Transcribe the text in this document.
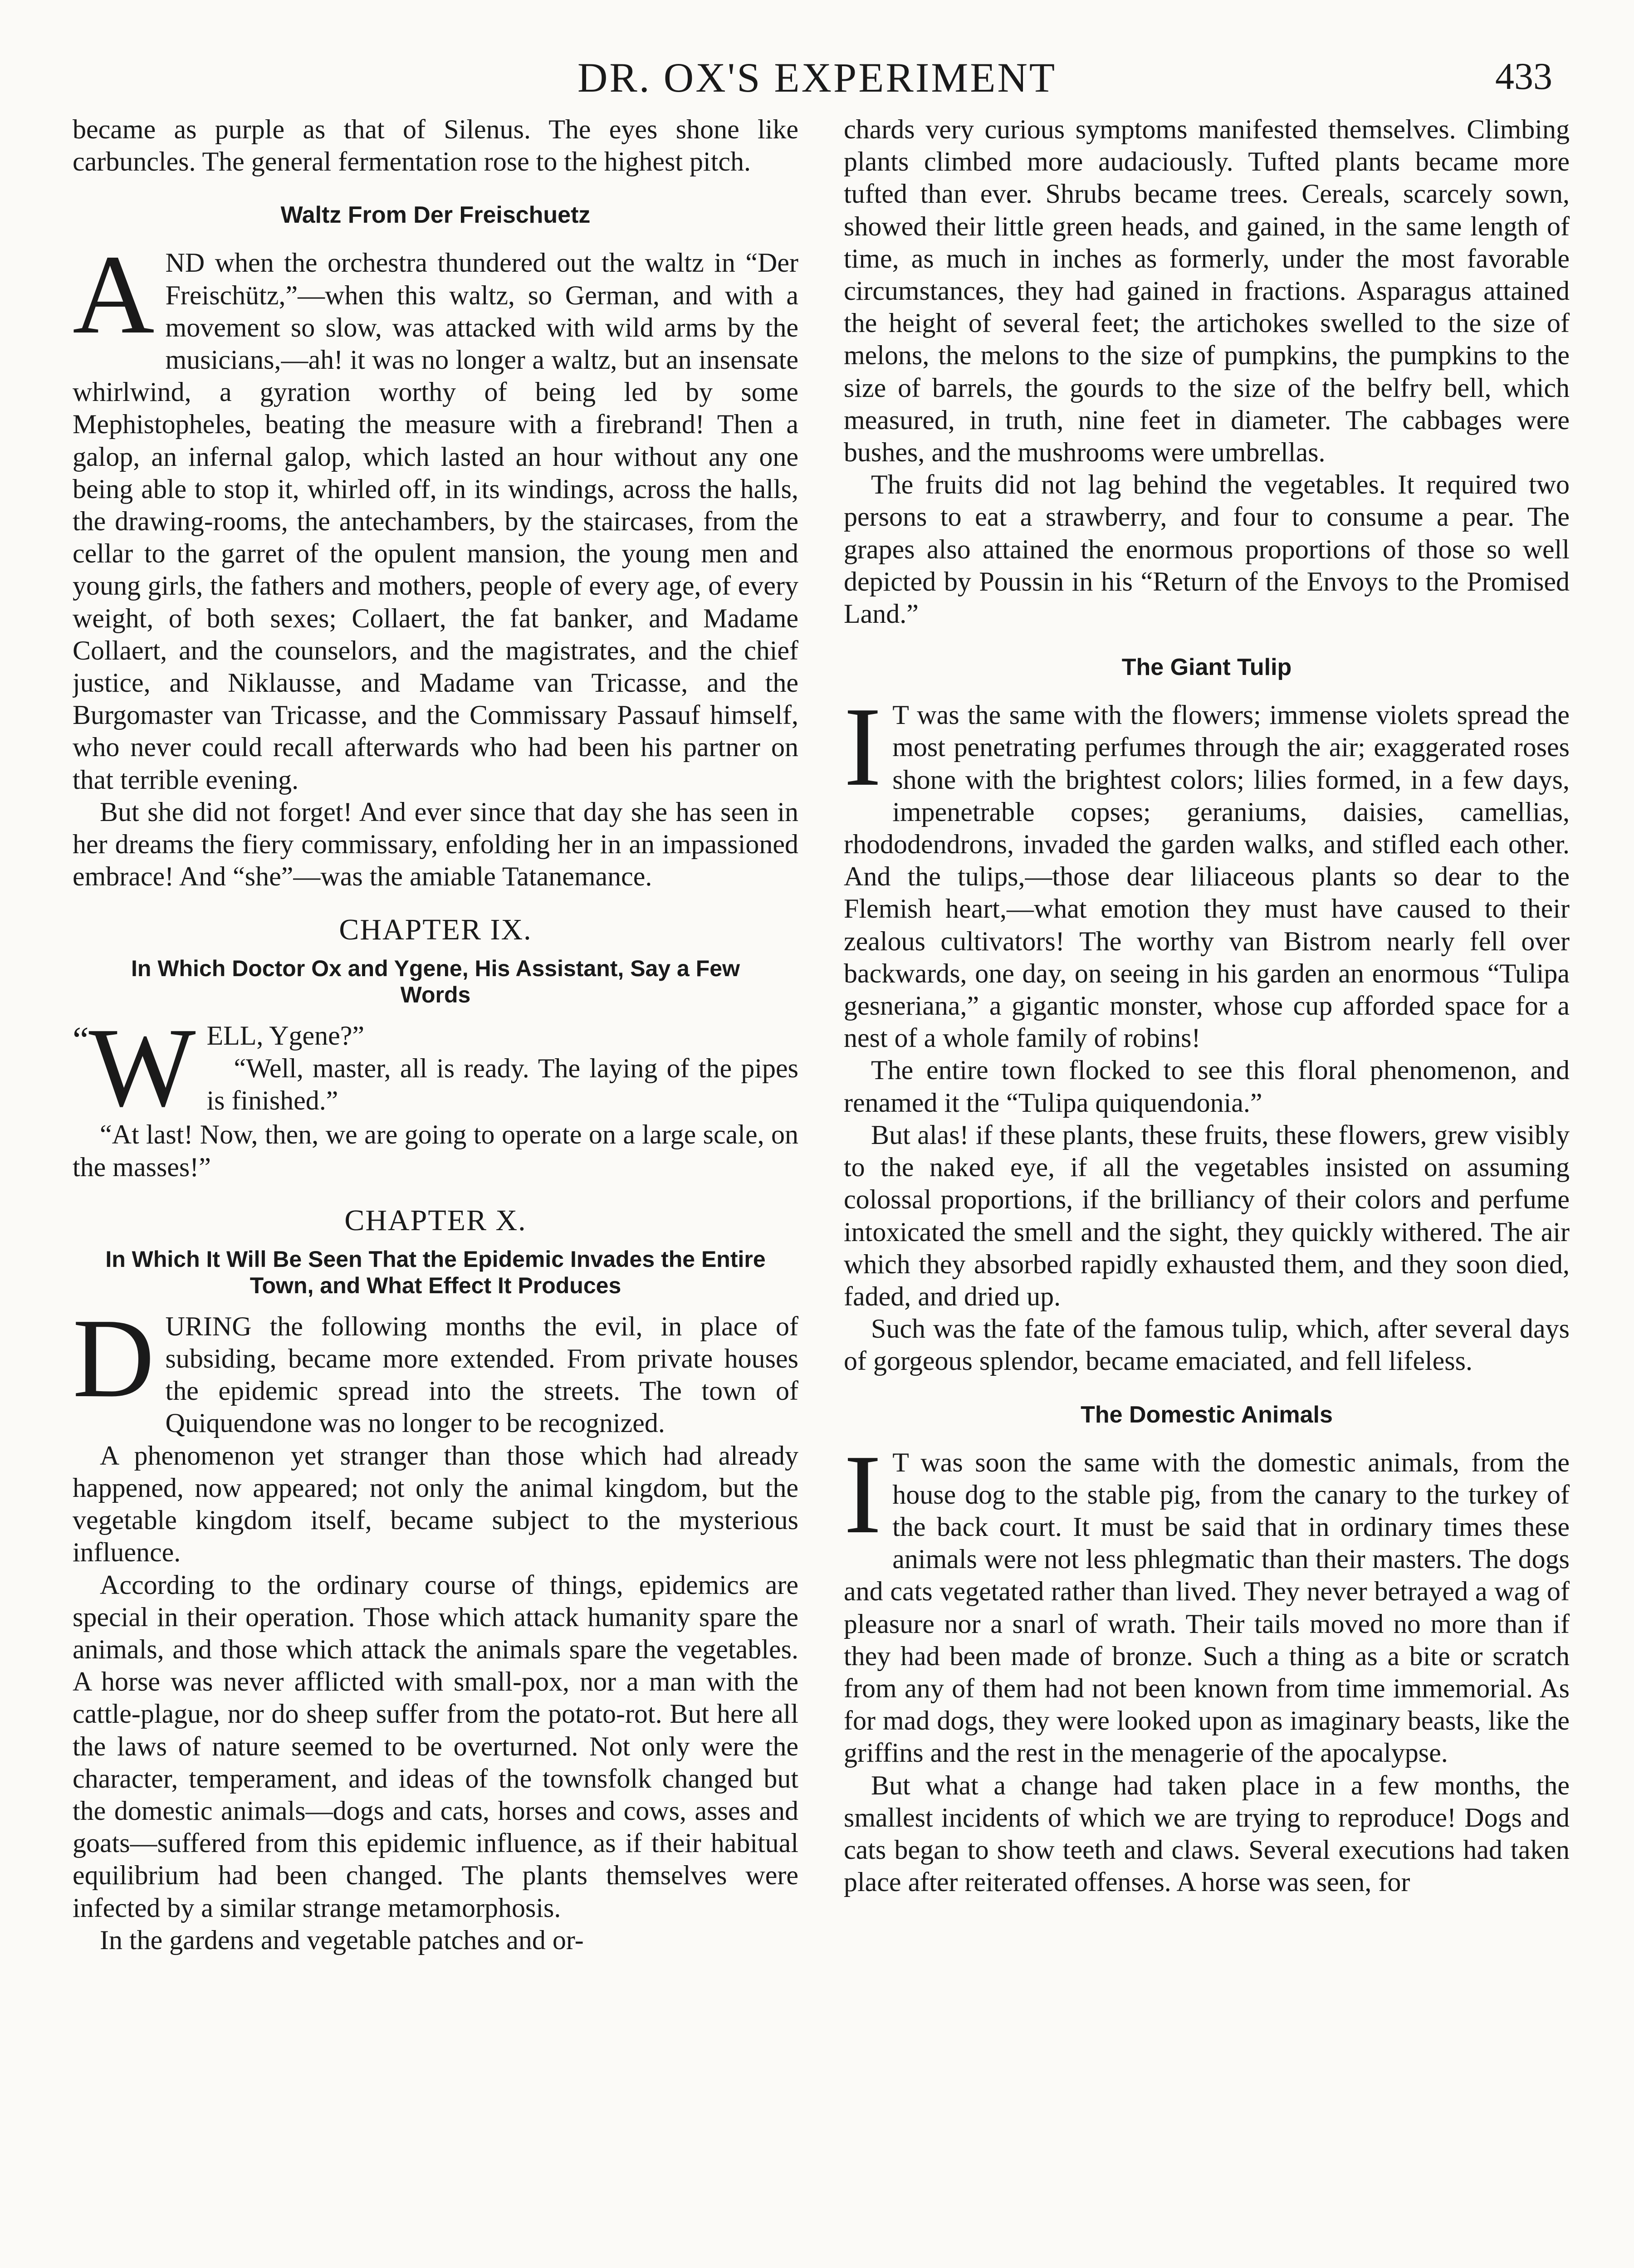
DR. OX'S EXPERIMENT	433

became as purple as that of Silenus. The eyes shone like carbuncles. The general fermentation rose to the highest pitch.

Waltz From Der Freischuetz

AND when the orchestra thundered out the waltz in “Der Freischütz,”—when this waltz, so German, and with a movement so slow, was attacked with wild arms by the musicians,—ah! it was no longer a waltz, but an insensate whirlwind, a gyration worthy of being led by some Mephistopheles, beating the measure with a firebrand! Then a galop, an infernal galop, which lasted an hour without any one being able to stop it, whirled off, in its windings, across the halls, the drawing-rooms, the antechambers, by the staircases, from the cellar to the garret of the opulent mansion, the young men and young girls, the fathers and mothers, people of every age, of every weight, of both sexes; Collaert, the fat banker, and Madame Collaert, and the counselors, and the magistrates, and the chief justice, and Niklausse, and Madame van Tricasse, and the Burgomaster van Tricasse, and the Commissary Passauf himself, who never could recall afterwards who had been his partner on that terrible evening.

But she did not forget! And ever since that day she has seen in her dreams the fiery commissary, enfolding her in an impassioned embrace! And “she”—was the amiable Tatanemance.

CHAPTER IX.
In Which Doctor Ox and Ygene, His Assistant, Say a Few Words

“ W ELL, Ygene?”

“Well, master, all is ready. The laying of the pipes is finished.”

“At last! Now, then, we are going to operate on a large scale, on the masses!”

CHAPTER X.
In Which It Will Be Seen That the Epidemic Invades the Entire Town, and What Effect It Produces

DURING the following months the evil, in place of subsiding, became more extended. From private houses the epidemic spread into the streets. The town of Quiquendone was no longer to be recognized.

A phenomenon yet stranger than those which had already happened, now appeared; not only the animal kingdom, but the vegetable kingdom itself, became subject to the mysterious influence.

According to the ordinary course of things, epidemics are special in their operation. Those which attack humanity spare the animals, and those which attack the animals spare the vegetables. A horse was never afflicted with small-pox, nor a man with the cattle-plague, nor do sheep suffer from the potato-rot. But here all the laws of nature seemed to be overturned. Not only were the character, temperament, and ideas of the townsfolk changed but the domestic animals—dogs and cats, horses and cows, asses and goats—suffered from this epidemic influence, as if their habitual equilibrium had been changed. The plants themselves were infected by a similar strange metamorphosis.

In the gardens and vegetable patches and or-

chards very curious symptoms manifested themselves. Climbing plants climbed more audaciously. Tufted plants became more tufted than ever. Shrubs became trees. Cereals, scarcely sown, showed their little green heads, and gained, in the same length of time, as much in inches as formerly, under the most favorable circumstances, they had gained in fractions. Asparagus attained the height of several feet; the artichokes swelled to the size of melons, the melons to the size of pumpkins, the pumpkins to the size of barrels, the gourds to the size of the belfry bell, which measured, in truth, nine feet in diameter. The cabbages were bushes, and the mushrooms were umbrellas.

The fruits did not lag behind the vegetables. It required two persons to eat a strawberry, and four to consume a pear. The grapes also attained the enormous proportions of those so well depicted by Poussin in his “Return of the Envoys to the Promised Land.”

The Giant Tulip

I T was the same with the flowers; immense violets spread the most penetrating perfumes through the air; exaggerated roses shone with the brightest colors; lilies formed, in a few days, impenetrable copses; geraniums, daisies, camellias, rhododendrons, invaded the garden walks, and stifled each other. And the tulips,—those dear liliaceous plants so dear to the Flemish heart,—what emotion they must have caused to their zealous cultivators! The worthy van Bistrom nearly fell over backwards, one day, on seeing in his garden an enormous “Tulipa gesneriana,” a gigantic monster, whose cup afforded space for a nest of a whole family of robins!

The entire town flocked to see this floral phenomenon, and renamed it the “Tulipa quiquendonia.”

But alas! if these plants, these fruits, these flowers, grew visibly to the naked eye, if all the vegetables insisted on assuming colossal proportions, if the brilliancy of their colors and perfume intoxicated the smell and the sight, they quickly withered. The air which they absorbed rapidly exhausted them, and they soon died, faded, and dried up.

Such was the fate of the famous tulip, which, after several days of gorgeous splendor, became emaciated, and fell lifeless.

The Domestic Animals

I T was soon the same with the domestic animals, from the house dog to the stable pig, from the canary to the turkey of the back court. It must be said that in ordinary times these animals were not less phlegmatic than their masters. The dogs and cats vegetated rather than lived. They never betrayed a wag of pleasure nor a snarl of wrath. Their tails moved no more than if they had been made of bronze. Such a thing as a bite or scratch from any of them had not been known from time immemorial. As for mad dogs, they were looked upon as imaginary beasts, like the griffins and the rest in the menagerie of the apocalypse.

But what a change had taken place in a few months, the smallest incidents of which we are trying to reproduce! Dogs and cats began to show teeth and claws. Several executions had taken place after reiterated offenses. A horse was seen, for
